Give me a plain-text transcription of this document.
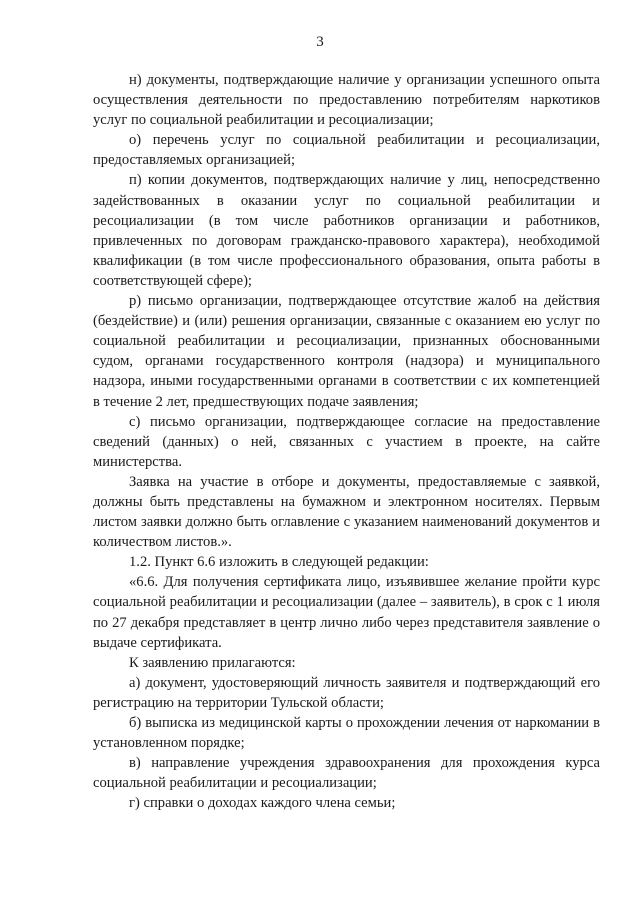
3

н) документы, подтверждающие наличие у организации успешного опыта осуществления деятельности по предоставлению потребителям наркотиков услуг по социальной реабилитации и ресоциализации;

о) перечень услуг по социальной реабилитации и ресоциализации, предоставляемых организацией;

п) копии документов, подтверждающих наличие у лиц, непосредственно задействованных в оказании услуг по социальной реабилитации и ресоциализации (в том числе работников организации и работников, привлеченных по договорам гражданско-правового характера), необходимой квалификации (в том числе профессионального образования, опыта работы в соответствующей сфере);

р) письмо организации, подтверждающее отсутствие жалоб на действия (бездействие) и (или) решения организации, связанные с оказанием ею услуг по социальной реабилитации и ресоциализации, признанных обоснованными судом, органами государственного контроля (надзора) и муниципального надзора, иными государственными органами в соответствии с их компетенцией в течение 2 лет, предшествующих подаче заявления;

с) письмо организации, подтверждающее согласие на предоставление сведений (данных) о ней, связанных с участием в проекте, на сайте министерства.

Заявка на участие в отборе и документы, предоставляемые с заявкой, должны быть представлены на бумажном и электронном носителях. Первым листом заявки должно быть оглавление с указанием наименований документов и количеством листов.».

1.2. Пункт 6.6 изложить в следующей редакции:

«6.6. Для получения сертификата лицо, изъявившее желание пройти курс социальной реабилитации и ресоциализации (далее – заявитель), в срок с 1 июля по 27 декабря представляет в центр лично либо через представителя заявление о выдаче сертификата.

К заявлению прилагаются:

а) документ, удостоверяющий личность заявителя и подтверждающий его регистрацию на территории Тульской области;

б) выписка из медицинской карты о прохождении лечения от наркомании в установленном порядке;

в) направление учреждения здравоохранения для прохождения курса социальной реабилитации и ресоциализации;

г) справки о доходах каждого члена семьи;
